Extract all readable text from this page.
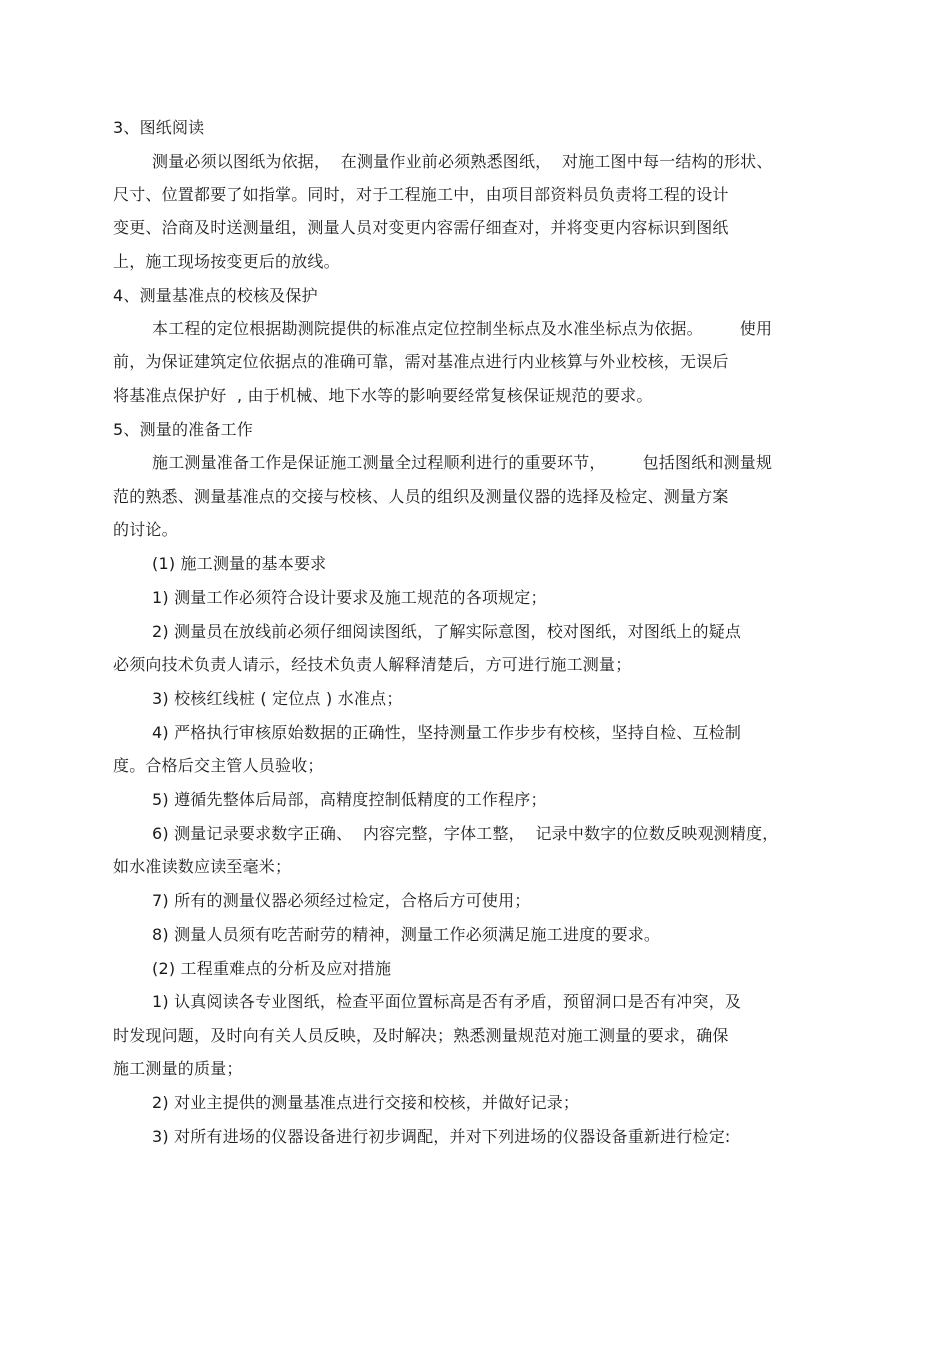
3、图纸阅读
测量必须以图纸为依据，  在测量作业前必须熟悉图纸，  对施工图中每一结构的形状、
尺寸、位置都要了如指掌。同时，对于工程施工中，由项目部资料员负责将工程的设计
变更、洽商及时送测量组，测量人员对变更内容需仔细查对，并将变更内容标识到图纸
上，施工现场按变更后的放线。
4、测量基准点的校核及保护
本工程的定位根据勘测院提供的标准点定位控制坐标点及水准坐标点为依据。       使用
前，为保证建筑定位依据点的准确可靠，需对基准点进行内业核算与外业校核，无误后
将基准点保护好  , 由于机械、地下水等的影响要经常复核保证规范的要求。
5、测量的准备工作
施工测量准备工作是保证施工测量全过程顺利进行的重要环节，       包括图纸和测量规
范的熟悉、测量基准点的交接与校核、人员的组织及测量仪器的选择及检定、测量方案
的讨论。
(1) 施工测量的基本要求
1) 测量工作必须符合设计要求及施工规范的各项规定；
2) 测量员在放线前必须仔细阅读图纸，了解实际意图，校对图纸，对图纸上的疑点
必须向技术负责人请示，经技术负责人解释清楚后，方可进行施工测量；
3) 校核红线桩 ( 定位点 ) 水准点；
4) 严格执行审核原始数据的正确性，坚持测量工作步步有校核，坚持自检、互检制
度。合格后交主管人员验收；
5) 遵循先整体后局部，高精度控制低精度的工作程序；
6) 测量记录要求数字正确、  内容完整，字体工整，  记录中数字的位数反映观测精度，
如水准读数应读至毫米；
7) 所有的测量仪器必须经过检定，合格后方可使用；
8) 测量人员须有吃苦耐劳的精神，测量工作必须满足施工进度的要求。
(2) 工程重难点的分析及应对措施
1) 认真阅读各专业图纸，检查平面位置标高是否有矛盾，预留洞口是否有冲突，及
时发现问题，及时向有关人员反映，及时解决；熟悉测量规范对施工测量的要求，确保
施工测量的质量；
2) 对业主提供的测量基准点进行交接和校核，并做好记录；
3) 对所有进场的仪器设备进行初步调配，并对下列进场的仪器设备重新进行检定:
